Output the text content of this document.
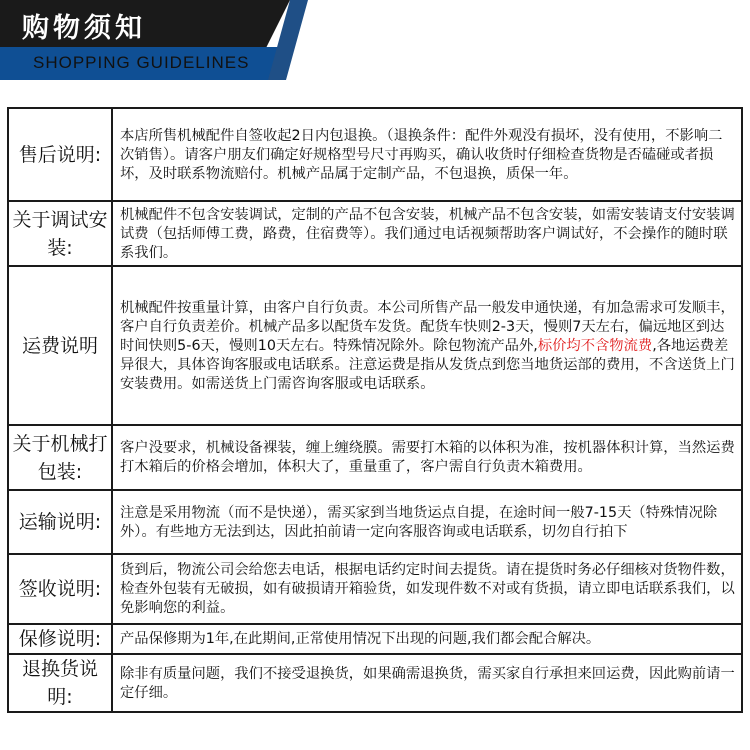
购物须知
SHOPPING GUIDELINES
售后说明:	本店所售机械配件自签收起2日内包退换。（退换条件：配件外观没有损坏，没有使用，不影响二次销售）。请客户朋友们确定好规格型号尺寸再购买，确认收货时仔细检查货物是否磕碰或者损坏，及时联系物流赔付。机械产品属于定制产品，不包退换，质保一年。
关于调试安装:	机械配件不包含安装调试，定制的产品不包含安装，机械产品不包含安装，如需安装请支付安装调试费（包括师傅工费，路费，住宿费等）。我们通过电话视频帮助客户调试好，不会操作的随时联系我们。
运费说明	机械配件按重量计算，由客户自行负责。本公司所售产品一般发申通快递，有加急需求可发顺丰，客户自行负责差价。机械产品多以配货车发货。配货车快则2-3天，慢则7天左右，偏远地区到达时间快则5-6天，慢则10天左右。特殊情况除外。除包物流产品外,标价均不含物流费,各地运费差异很大，具体咨询客服或电话联系。注意运费是指从发货点到您当地货运部的费用，不含送货上门安装费用。如需送货上门需咨询客服或电话联系。
关于机械打包装:	客户没要求，机械设备裸装，缠上缠绕膜。需要打木箱的以体积为准，按机器体积计算，当然运费打木箱后的价格会增加，体积大了，重量重了，客户需自行负责木箱费用。
运输说明:	注意是采用物流（而不是快递），需买家到当地货运点自提，在途时间一般7-15天（特殊情况除外）。有些地方无法到达，因此拍前请一定向客服咨询或电话联系，切勿自行拍下
签收说明:	货到后，物流公司会给您去电话，根据电话约定时间去提货。请在提货时务必仔细核对货物件数，检查外包装有无破损，如有破损请开箱验货，如发现件数不对或有货损，请立即电话联系我们，以免影响您的利益。
保修说明:	产品保修期为1年,在此期间,正常使用情况下出现的问题,我们都会配合解决。
退换货说明:	除非有质量问题，我们不接受退换货，如果确需退换货，需买家自行承担来回运费，因此购前请一定仔细。
